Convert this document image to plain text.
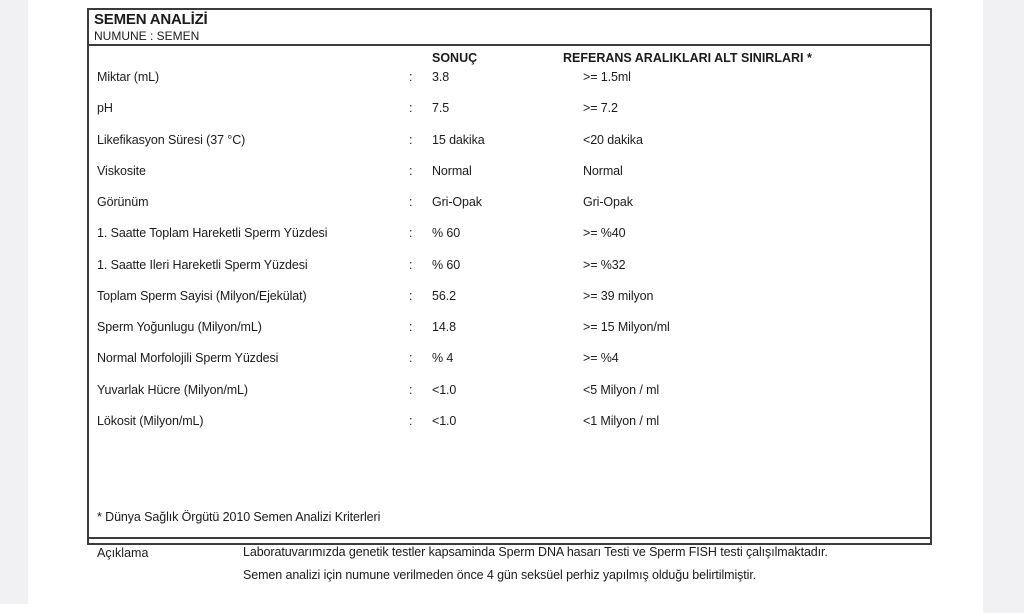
SEMEN ANALİZİ
NUMUNE : SEMEN
SONUÇ	REFERANS ARALIKLARI ALT SINIRLARI *
Miktar (mL)	:	3.8	>= 1.5ml
pH	:	7.5	>= 7.2
Likefikasyon Süresi (37 °C)	:	15 dakika	<20 dakika
Viskosite	:	Normal	Normal
Görünüm	:	Gri-Opak	Gri-Opak
1. Saatte Toplam Hareketli Sperm Yüzdesi	:	% 60	>= %40
1. Saatte Ileri Hareketli Sperm Yüzdesi	:	% 60	>= %32
Toplam Sperm Sayisi (Milyon/Ejekülat)	:	56.2	>= 39 milyon
Sperm Yoğunlugu (Milyon/mL)	:	14.8	>= 15 Milyon/ml
Normal Morfolojili Sperm Yüzdesi	:	% 4	>= %4
Yuvarlak Hücre (Milyon/mL)	:	<1.0	<5 Milyon / ml
Lökosit (Milyon/mL)	:	<1.0	<1 Milyon / ml
* Dünya Sağlık Örgütü 2010 Semen Analizi Kriterleri
Açıklama	Laboratuvarımızda genetik testler kapsaminda Sperm DNA hasarı Testi ve Sperm FISH testi çalışılmaktadır.
Semen analizi için numune verilmeden önce 4 gün seksüel perhiz yapılmış olduğu belirtilmiştir.
